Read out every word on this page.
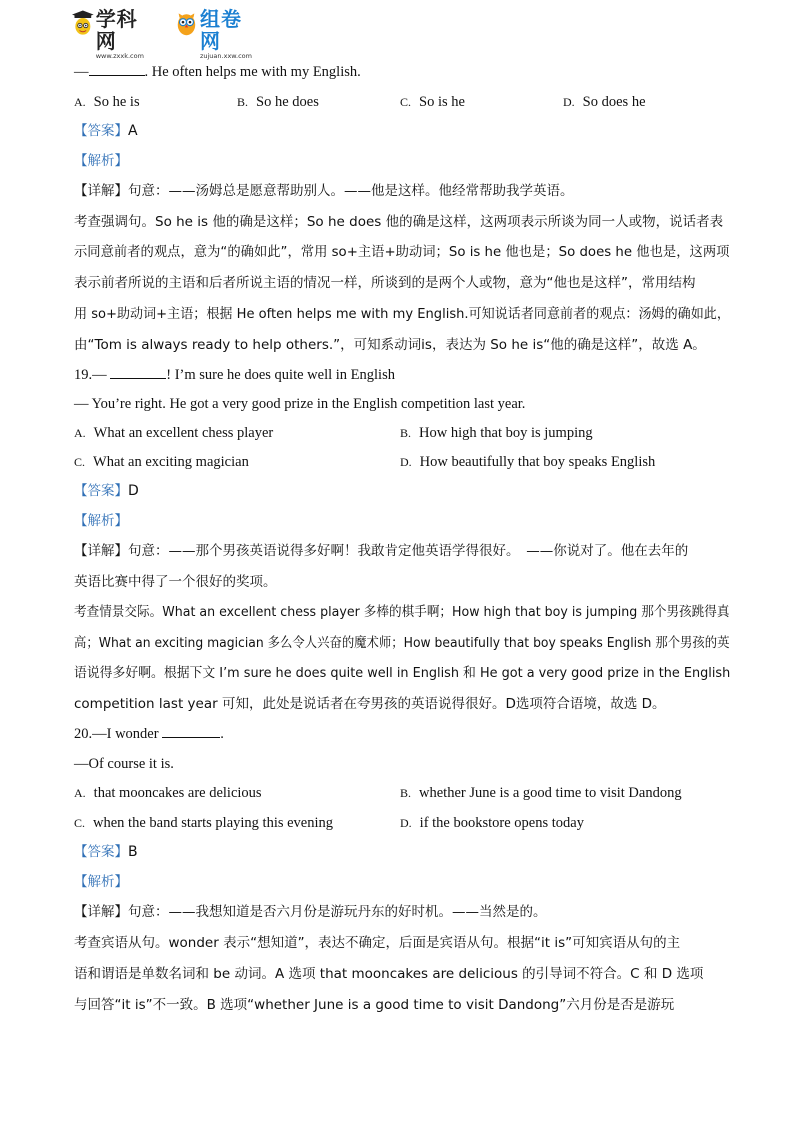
学科网
www.zxxk.com
组卷网
zujuan.xxw.com
—	. He often helps me with my English.
A. So he is	B. So he does	C. So is he	D. So does he
【答案】A
【解析】
【详解】句意：——汤姆总是愿意帮助别人。——他是这样。他经常帮助我学英语。
考查强调句。So he is 他的确是这样；So he does 他的确是这样，这两项表示所谈为同一人或物，说话者表
示同意前者的观点，意为“的确如此”，常用 so+主语+助动词；So is he 他也是；So does he 他也是，这两项
表示前者所说的主语和后者所说主语的情况一样，所谈到的是两个人或物，意为“他也是这样”，常用结构
用 so+助动词+主语；根据 He often helps me with my English.可知说话者同意前者的观点：汤姆的确如此，
由“Tom is always ready to help others.”，可知系动词is，表达为 So he is“他的确是这样”，故选 A。
19.—	! I’m sure he does quite well in English
— You’re right. He got a very good prize in the English competition last year.
A. What an excellent chess player	B. How high that boy is jumping
C. What an exciting magician	D. How beautifully that boy speaks English
【答案】D
【解析】
【详解】句意：——那个男孩英语说得多好啊！我敢肯定他英语学得很好。　——你说对了。他在去年的
英语比赛中得了一个很好的奖项。
考查情景交际。What an excellent chess player 多棒的棋手啊；How high that boy is jumping 那个男孩跳得真
高；What an exciting magician 多么令人兴奋的魔术师；How beautifully that boy speaks English 那个男孩的英
语说得多好啊。根据下文 I’m sure he does quite well in English 和 He got a very good prize in the English
competition last year 可知，此处是说话者在夸男孩的英语说得很好。D选项符合语境，故选 D。
20.—I wonder	.
—Of course it is.
A. that mooncakes are delicious	B. whether June is a good time to visit Dandong
C. when the band starts playing this evening	D. if the bookstore opens today
【答案】B
【解析】
【详解】句意：——我想知道是否六月份是游玩丹东的好时机。——当然是的。
考查宾语从句。wonder 表示“想知道”，表达不确定，后面是宾语从句。根据“it is”可知宾语从句的主
语和谓语是单数名词和 be 动词。A 选项 that mooncakes are delicious 的引导词不符合。C 和 D 选项
与回答“it is”不一致。B 选项“whether June is a good time to visit Dandong”六月份是否是游玩
